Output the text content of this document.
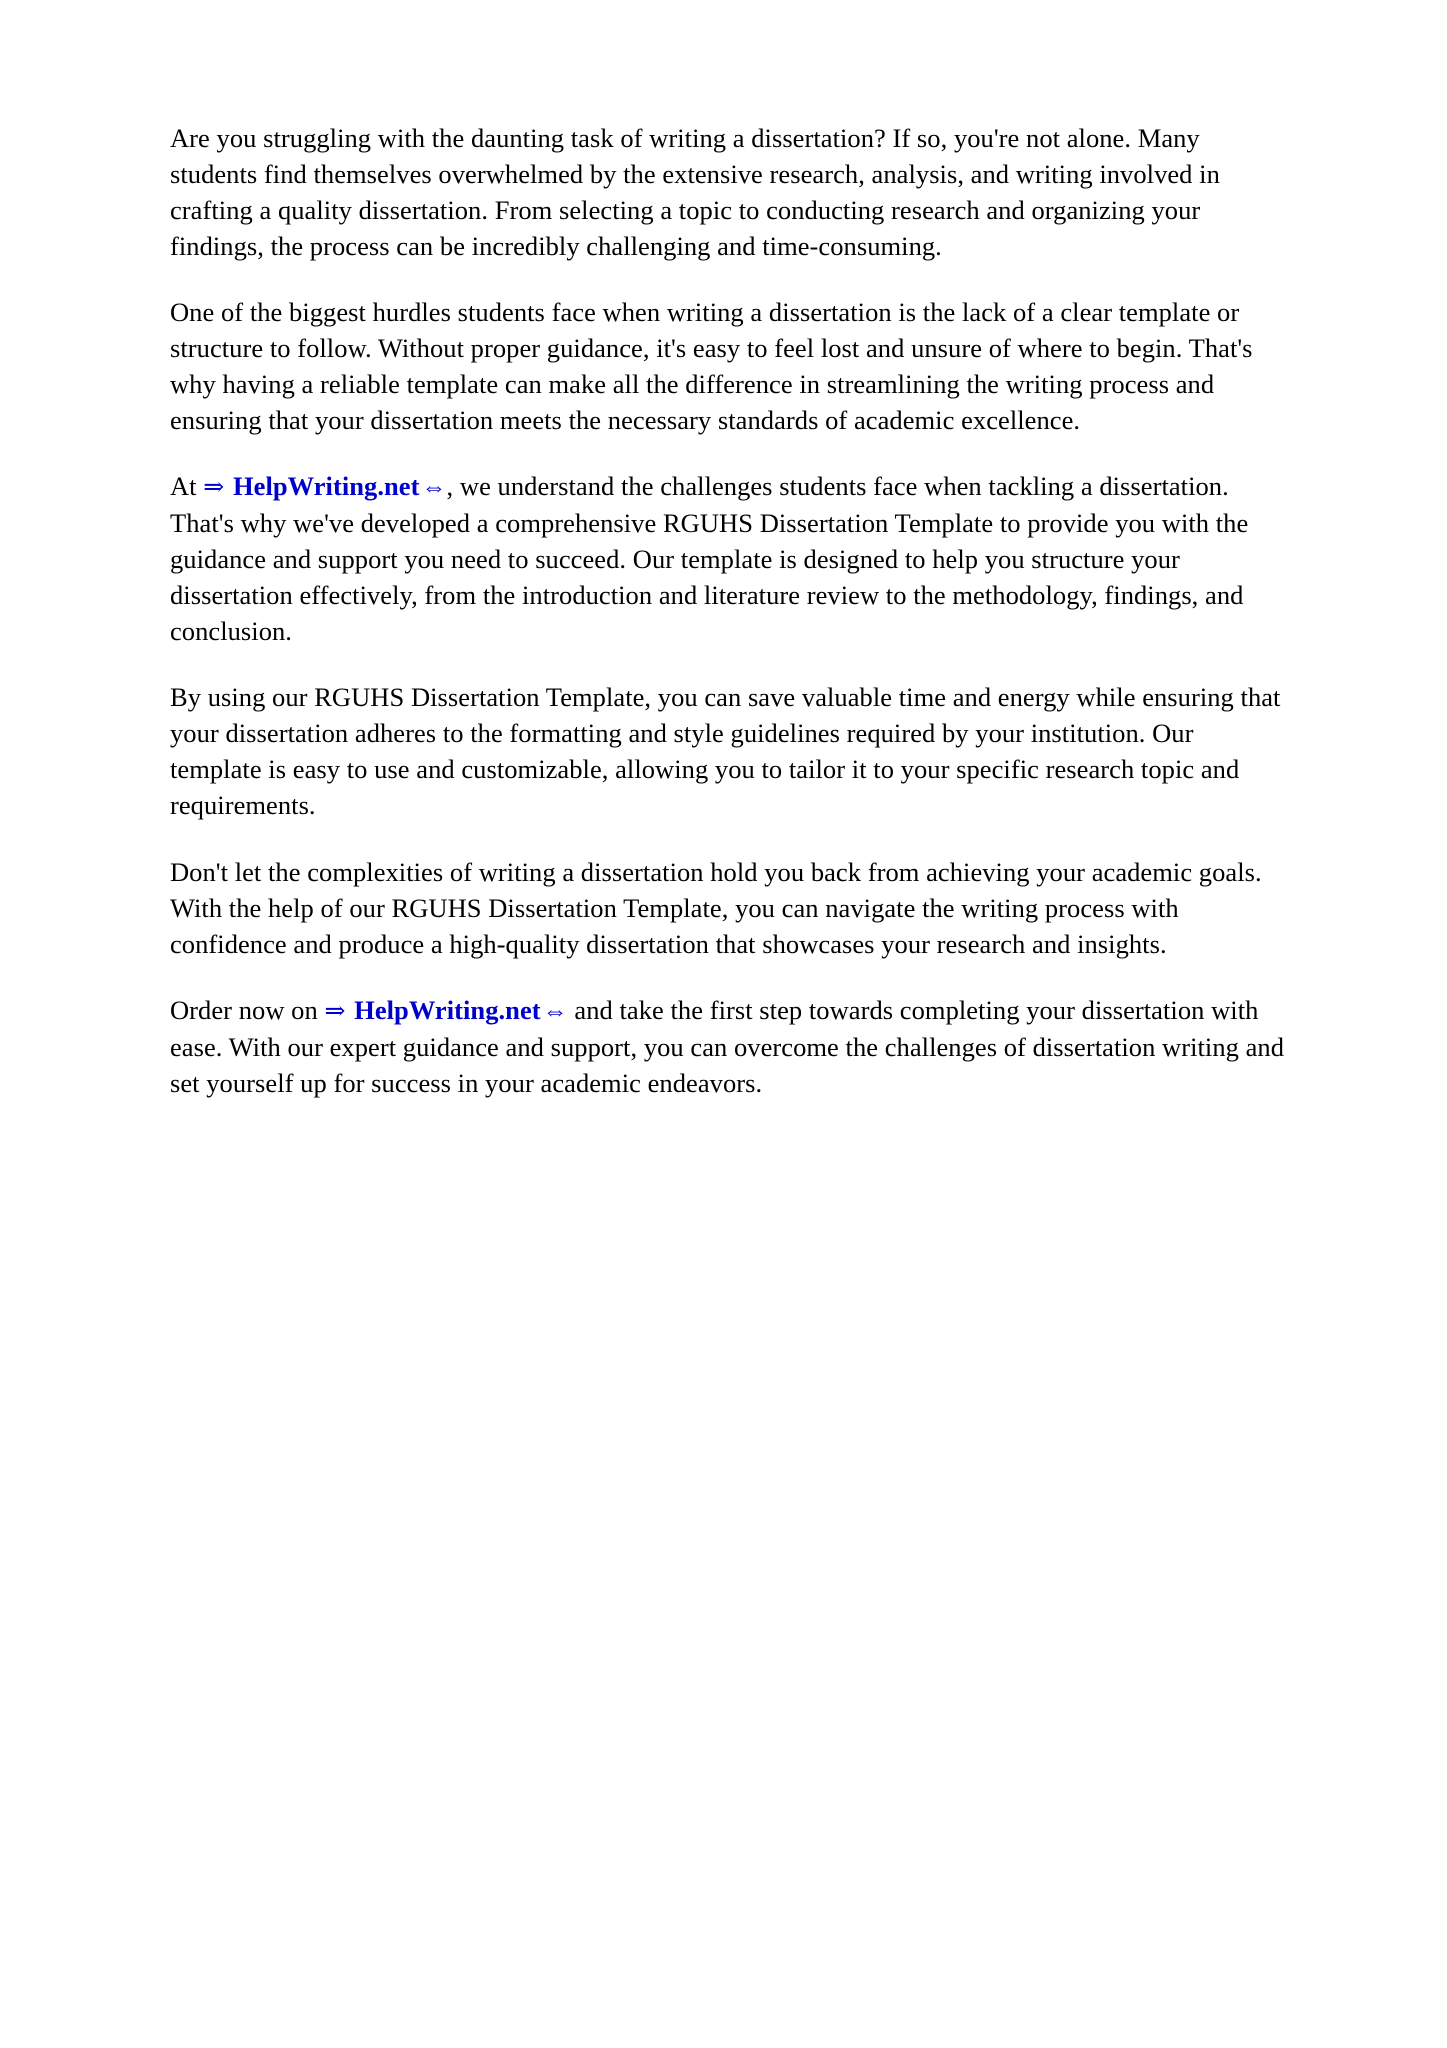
Are you struggling with the daunting task of writing a dissertation? If so, you're not alone. Many students find themselves overwhelmed by the extensive research, analysis, and writing involved in crafting a quality dissertation. From selecting a topic to conducting research and organizing your findings, the process can be incredibly challenging and time-consuming.

One of the biggest hurdles students face when writing a dissertation is the lack of a clear template or structure to follow. Without proper guidance, it's easy to feel lost and unsure of where to begin. That's why having a reliable template can make all the difference in streamlining the writing process and ensuring that your dissertation meets the necessary standards of academic excellence.

At ⇒ HelpWriting.net⇔, we understand the challenges students face when tackling a dissertation. That's why we've developed a comprehensive RGUHS Dissertation Template to provide you with the guidance and support you need to succeed. Our template is designed to help you structure your dissertation effectively, from the introduction and literature review to the methodology, findings, and conclusion.

By using our RGUHS Dissertation Template, you can save valuable time and energy while ensuring that your dissertation adheres to the formatting and style guidelines required by your institution. Our template is easy to use and customizable, allowing you to tailor it to your specific research topic and requirements.

Don't let the complexities of writing a dissertation hold you back from achieving your academic goals. With the help of our RGUHS Dissertation Template, you can navigate the writing process with confidence and produce a high-quality dissertation that showcases your research and insights.

Order now on ⇒ HelpWriting.net⇔ and take the first step towards completing your dissertation with ease. With our expert guidance and support, you can overcome the challenges of dissertation writing and set yourself up for success in your academic endeavors.
